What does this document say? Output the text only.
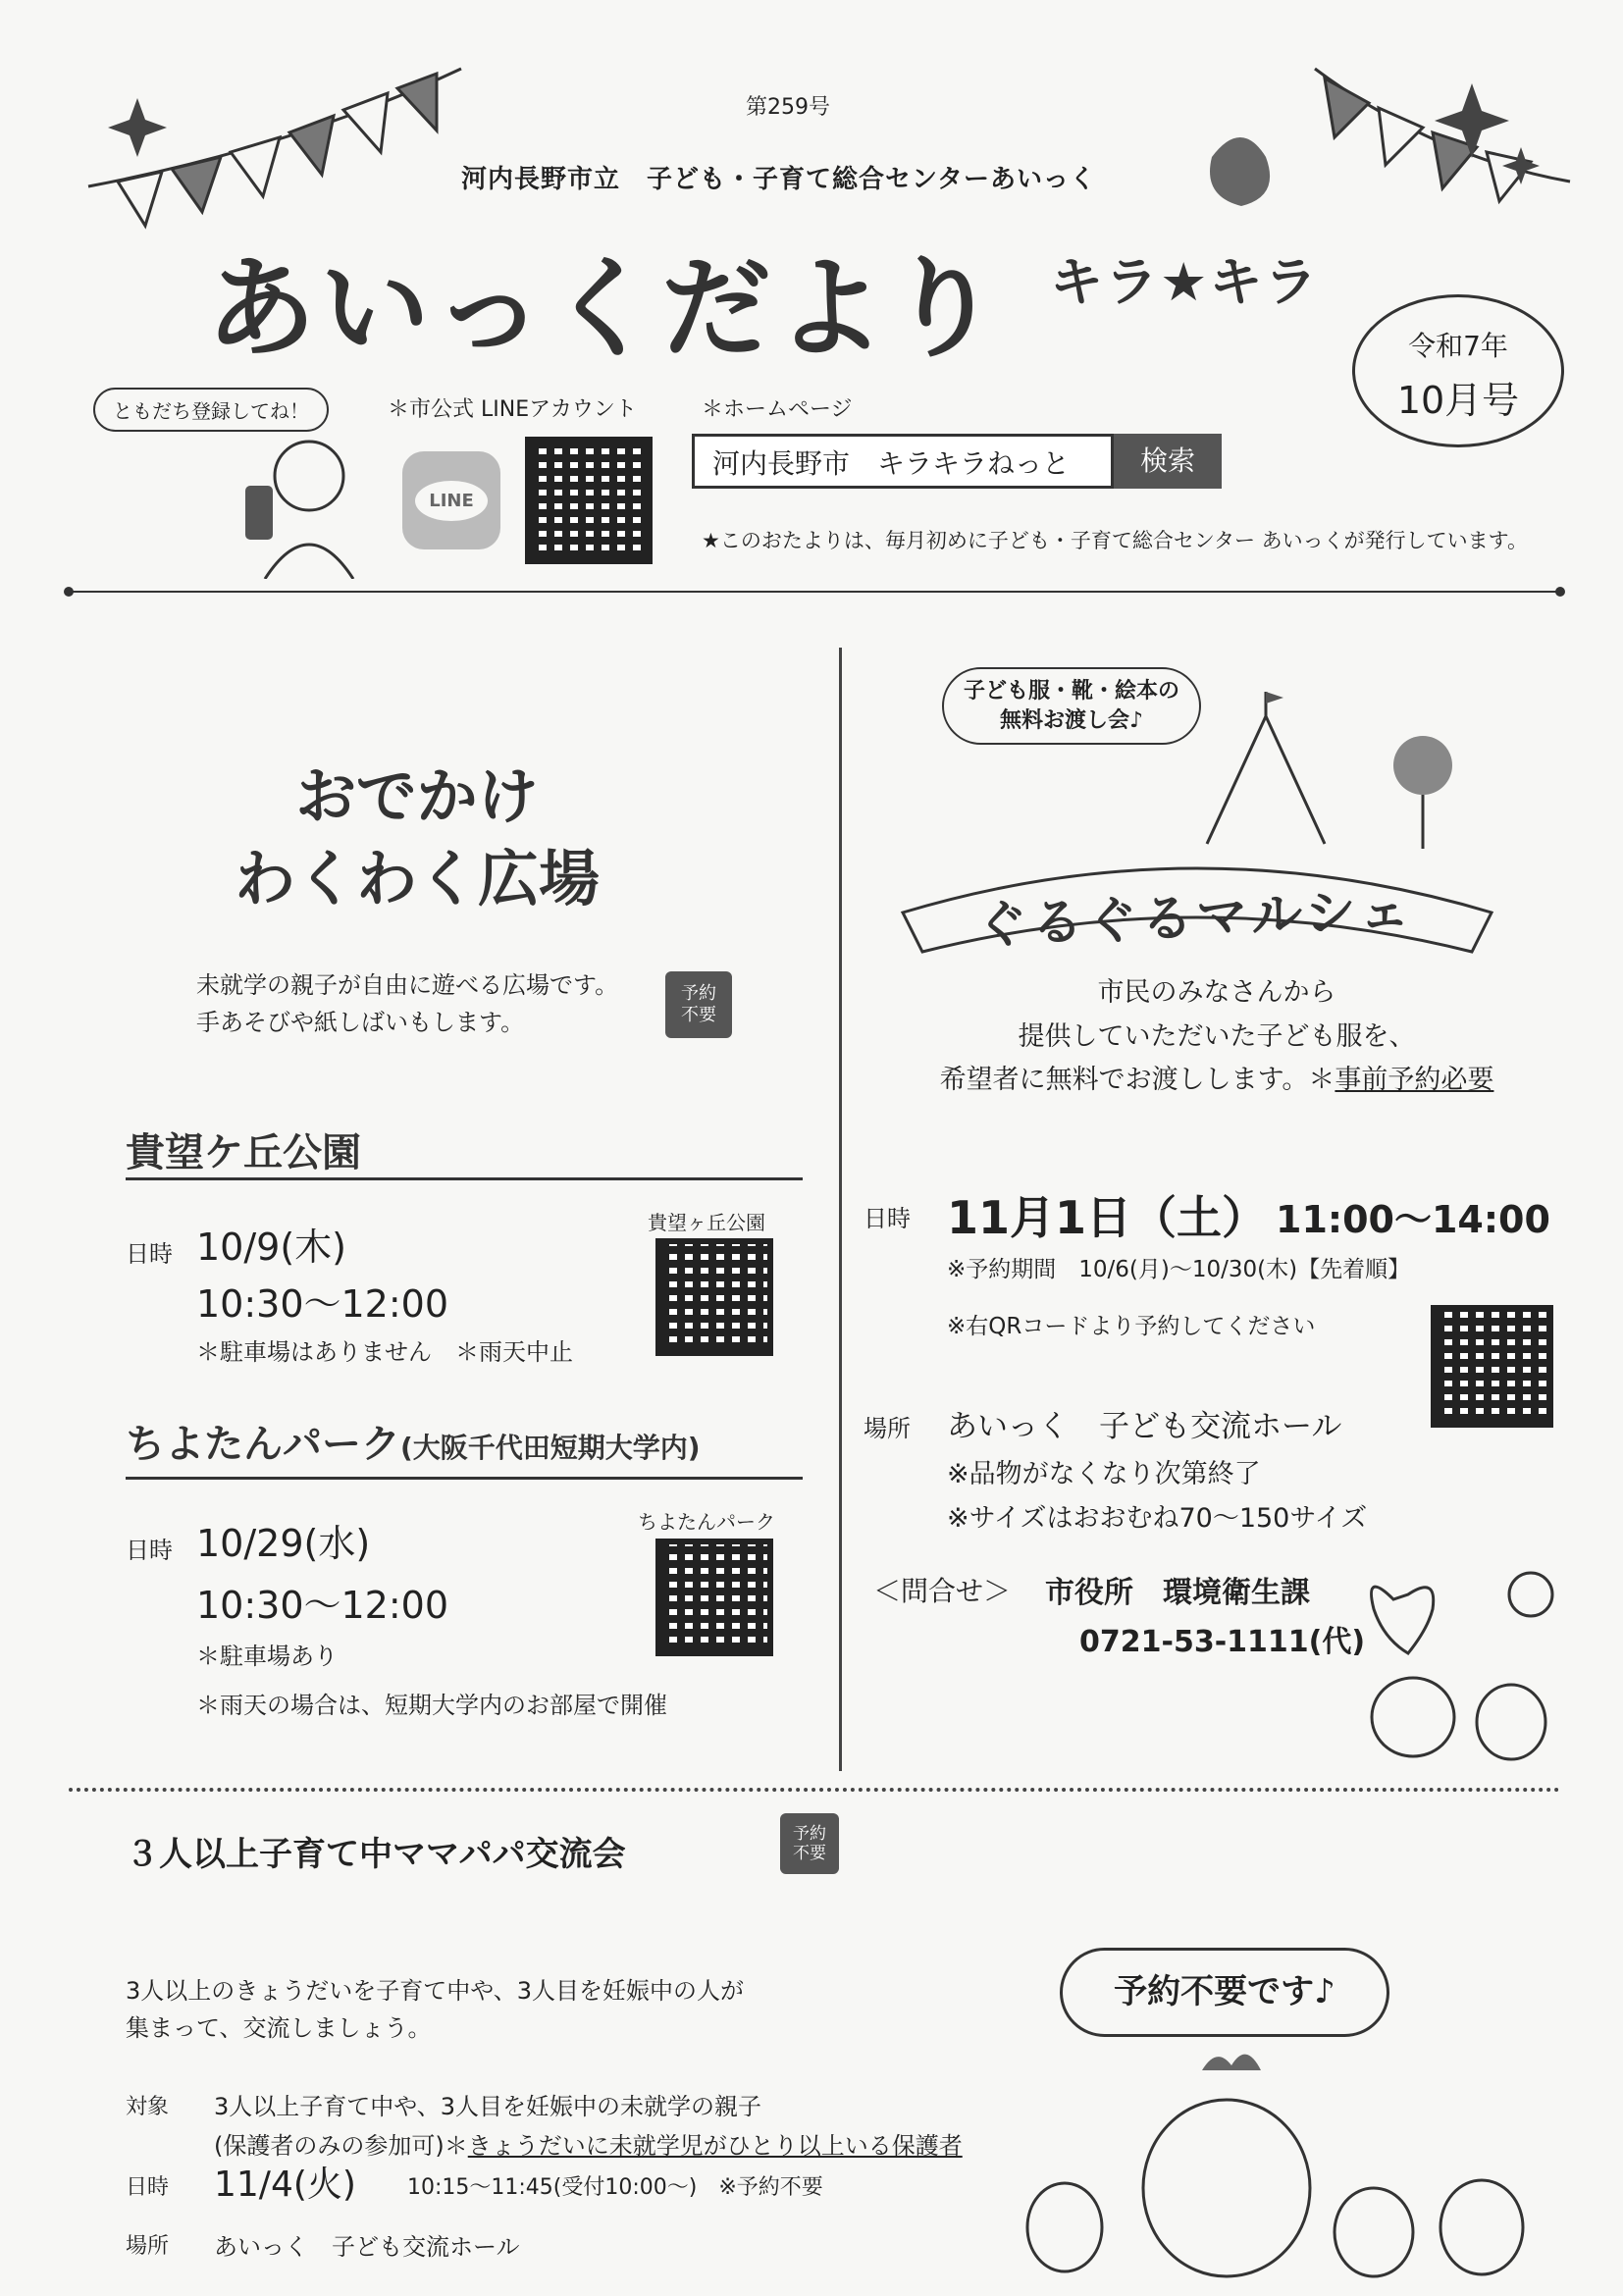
第259号
河内長野市立　子ども・子育て総合センターあいっく
あいっくだより キラ★キラ
令和7年
10月号
ともだち登録してね！	＊市公式 LINEアカウント
LINE
＊ホームページ
河内長野市　キラキラねっと	検索
★このおたよりは、毎月初めに子ども・子育て総合センター あいっくが発行しています。
おでかけ
わくわく広場
未就学の親子が自由に遊べる広場です。
手あそびや紙しばいもします。
予約
不要
貴望ケ丘公園
日時 10/9(木)
10:30〜12:00
＊駐車場はありません　＊雨天中止
貴望ヶ丘公園
ちよたんパーク(大阪千代田短期大学内)
日時 10/29(水)
10:30〜12:00
＊駐車場あり
＊雨天の場合は、短期大学内のお部屋で開催
ちよたんパーク
子ども服・靴・絵本の
無料お渡し会♪
ぐるぐるマルシェ
市民のみなさんから
提供していただいた子ども服を、
希望者に無料でお渡しします。＊事前予約必要
日時 11月1日（土） 11:00〜14:00
※予約期間　10/6(月)〜10/30(木)【先着順】
※右QRコードより予約してください
場所 あいっく　子ども交流ホール
※品物がなくなり次第終了
※サイズはおおむね70〜150サイズ
＜問合せ＞ 市役所　環境衛生課
0721-53-1111(代)
３人以上子育て中ママパパ交流会
予約
不要
3人以上のきょうだいを子育て中や、3人目を妊娠中の人が
集まって、交流しましょう。
対象 3人以上子育て中や、3人目を妊娠中の未就学の親子
(保護者のみの参加可)＊きょうだいに未就学児がひとり以上いる保護者
日時 11/4(火) 10:15〜11:45(受付10:00〜)　※予約不要
場所 あいっく　子ども交流ホール
予約不要です♪
